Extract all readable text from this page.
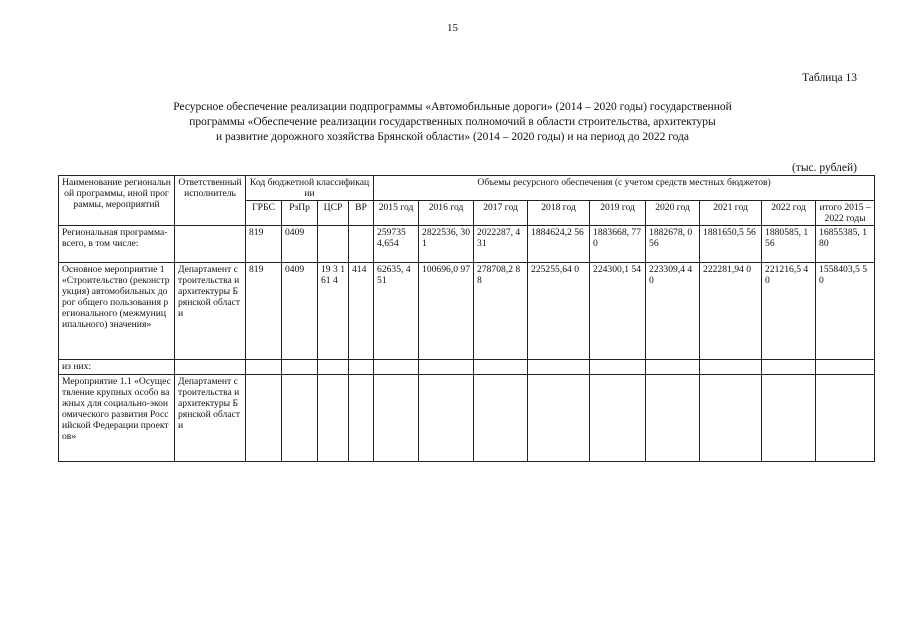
15
Таблица 13
Ресурсное обеспечение реализации подпрограммы «Автомобильные дороги» (2014 – 2020 годы) государственной
программы «Обеспечение реализации государственных полномочий в области строительства, архитектуры
и развитие дорожного хозяйства Брянской области» (2014 – 2020 годы) и на период до 2022 года
(тыс. рублей)
Наименование региональной программы, иной программы, мероприятий	Ответственный исполнитель	Код бюджетной классификации				Объемы ресурсного обеспечения (с учетом средств местных бюджетов)								
		ГРБС	РзПр	ЦСР	ВР	2015 год	2016 год	2017 год	2018 год	2019 год	2020 год	2021 год	2022 год	итого 2015 – 2022 годы
Региональная программа- всего, в том числе:		819	0409			259735 4,654	2822536, 301	2022287, 431	1884624,2 56	1883668, 770	1882678, 056	1881650,5 56	1880585, 156	16855385, 180
Основное мероприятие 1 «Строительство (реконструкция) автомобильных дорог общего пользования регионального (межмуниципального) значения»	Департамент строительства и архитектуры Брянской области	819	0409	19 3 161 4	414	62635, 451	100696,0 97	278708,2 88	225255,64 0	224300,1 54	223309,4 40	222281,94 0	221216,5 40	1558403,5 50
из них:														
Мероприятие 1.1 «Осуществление крупных особо важных для социально-экономического развития Российской Федерации проектов»	Департамент строительства и архитектуры Брянской области													
